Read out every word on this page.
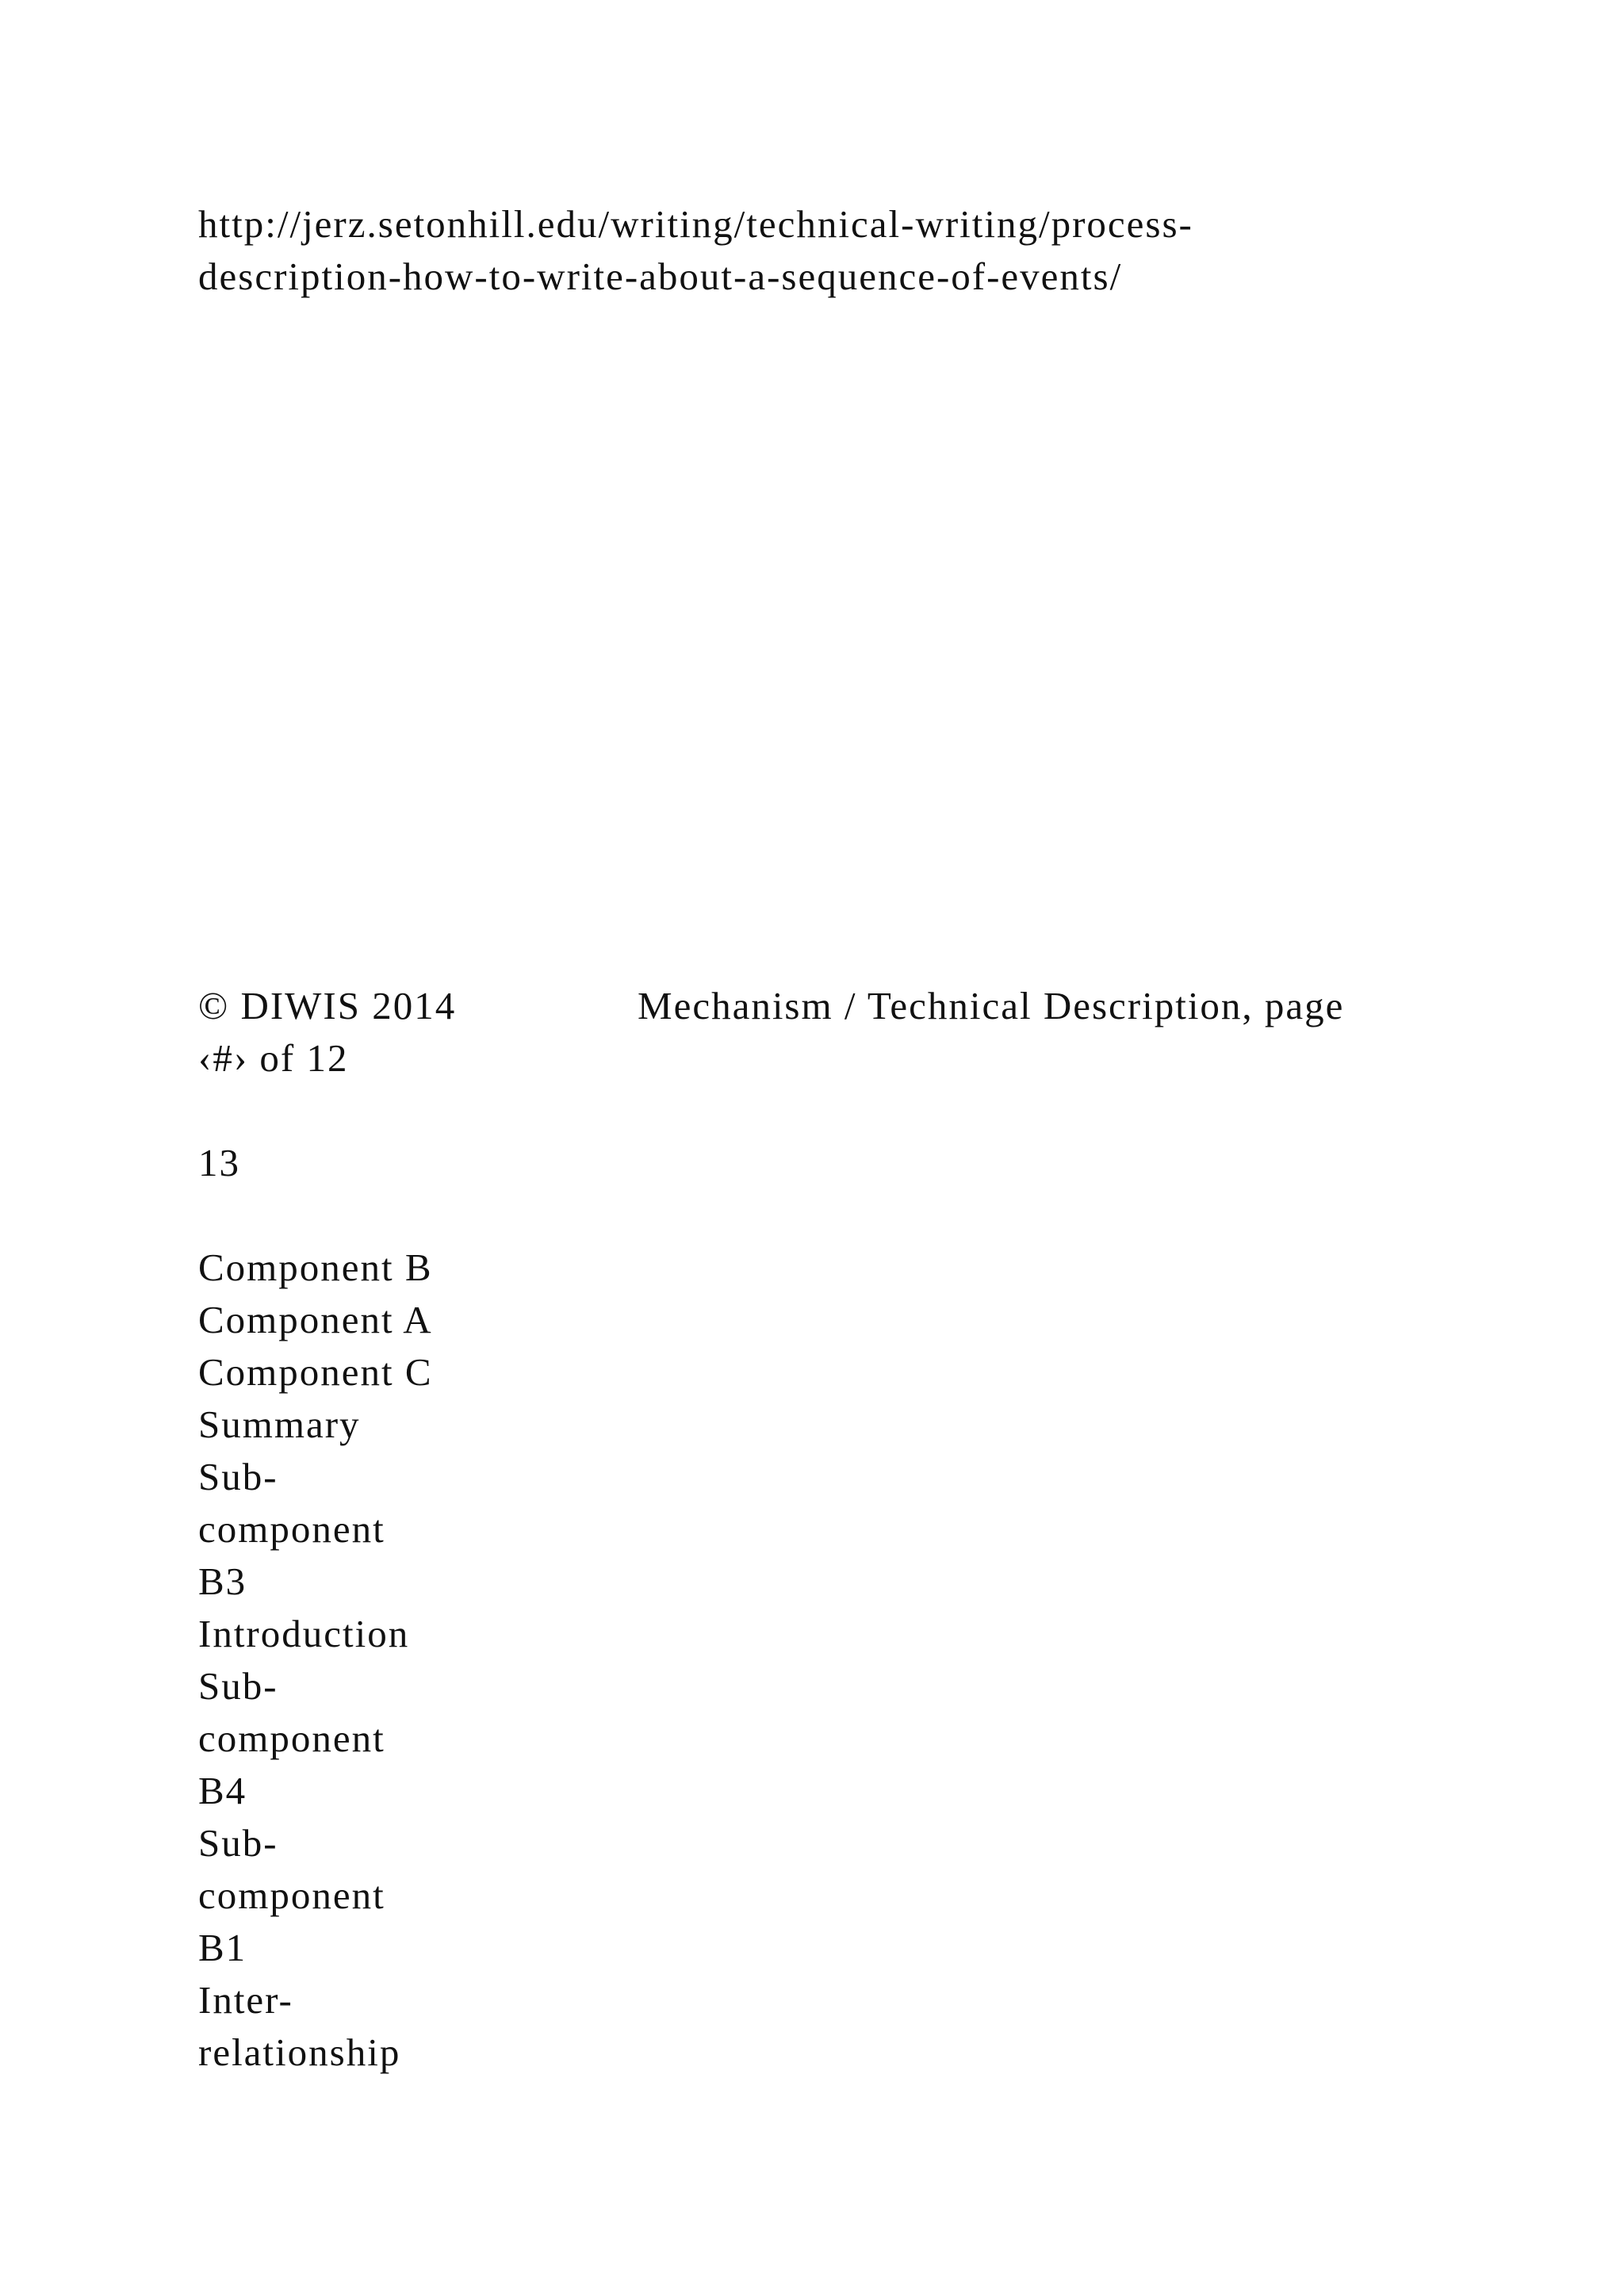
http://jerz.setonhill.edu/writing/technical-writing/process-
description-how-to-write-about-a-sequence-of-events/
© DIWIS 2014	Mechanism / Technical Description, page
‹#› of 12
13
Component B
Component A
Component C
Summary
Sub-
component
B3
Introduction
Sub-
component
B4
Sub-
component
B1
Inter-
relationship
